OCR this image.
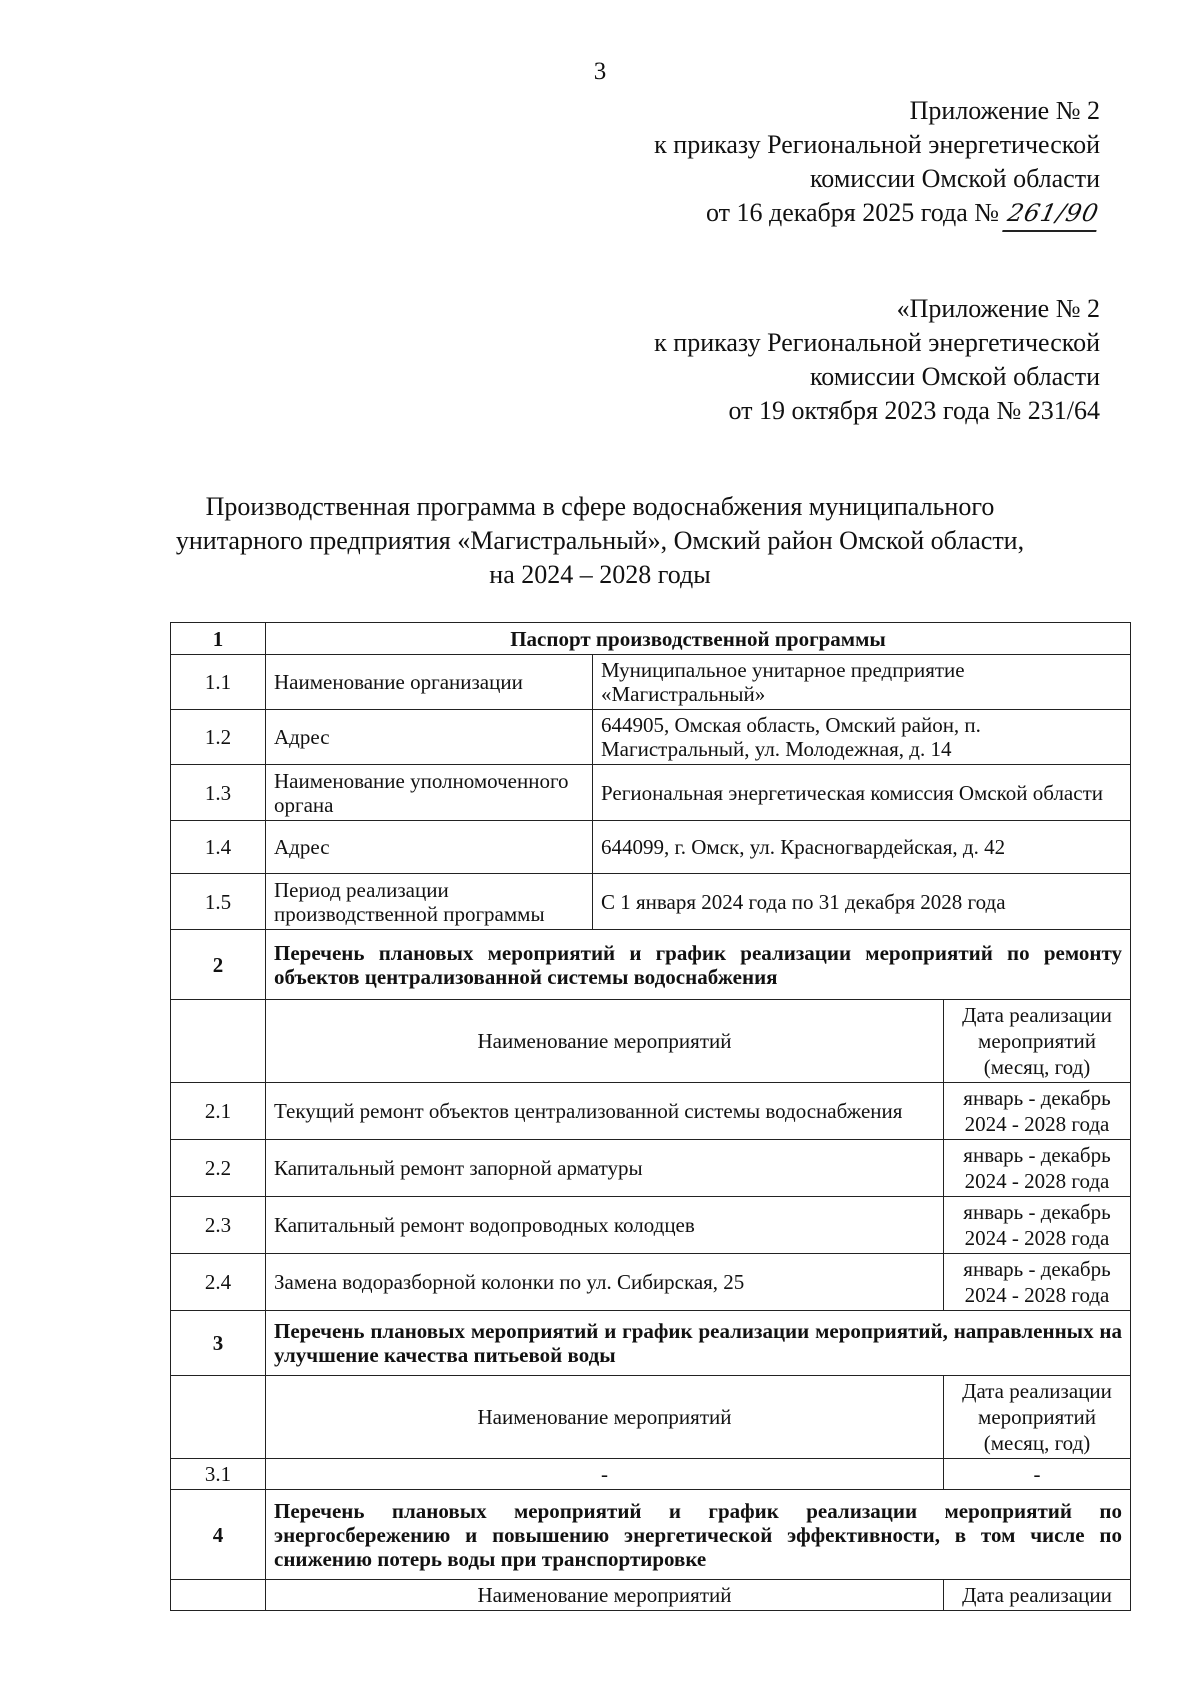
3
Приложение № 2
к приказу Региональной энергетической
комиссии Омской области
от 16 декабря 2025 года № 261/90
«Приложение № 2
к приказу Региональной энергетической
комиссии Омской области
от 19 октября 2023 года № 231/64
Производственная программа в сфере водоснабжения муниципального
унитарного предприятия «Магистральный», Омский район Омской области,
на 2024 – 2028 годы
1	Паспорт производственной программы		
1.1	Наименование организации	Муниципальное унитарное предприятие «Магистральный»	
1.2	Адрес	644905, Омская область, Омский район, п. Магистральный, ул. Молодежная, д. 14	
1.3	Наименование уполномоченного органа	Региональная энергетическая комиссия Омской области	
1.4	Адрес	644099, г. Омск, ул. Красногвардейская, д. 42	
1.5	Период реализации производственной программы	С 1 января 2024 года по 31 декабря 2028 года	
2	Перечень плановых мероприятий и график реализации мероприятий по ремонту объектов централизованной системы водоснабжения		
	Наименование мероприятий		Дата реализации мероприятий (месяц, год)
2.1	Текущий ремонт объектов централизованной системы водоснабжения		январь - декабрь 2024 - 2028 года
2.2	Капитальный ремонт запорной арматуры		январь - декабрь 2024 - 2028 года
2.3	Капитальный ремонт водопроводных колодцев		январь - декабрь 2024 - 2028 года
2.4	Замена водоразборной колонки по ул. Сибирская, 25		январь - декабрь 2024 - 2028 года
3	Перечень плановых мероприятий и график реализации мероприятий, направленных на улучшение качества питьевой воды		
	Наименование мероприятий		Дата реализации мероприятий (месяц, год)
3.1	-		-
4	Перечень плановых мероприятий и график реализации мероприятий по энергосбережению и повышению энергетической эффективности, в том числе по снижению потерь воды при транспортировке		
	Наименование мероприятий		Дата реализации
